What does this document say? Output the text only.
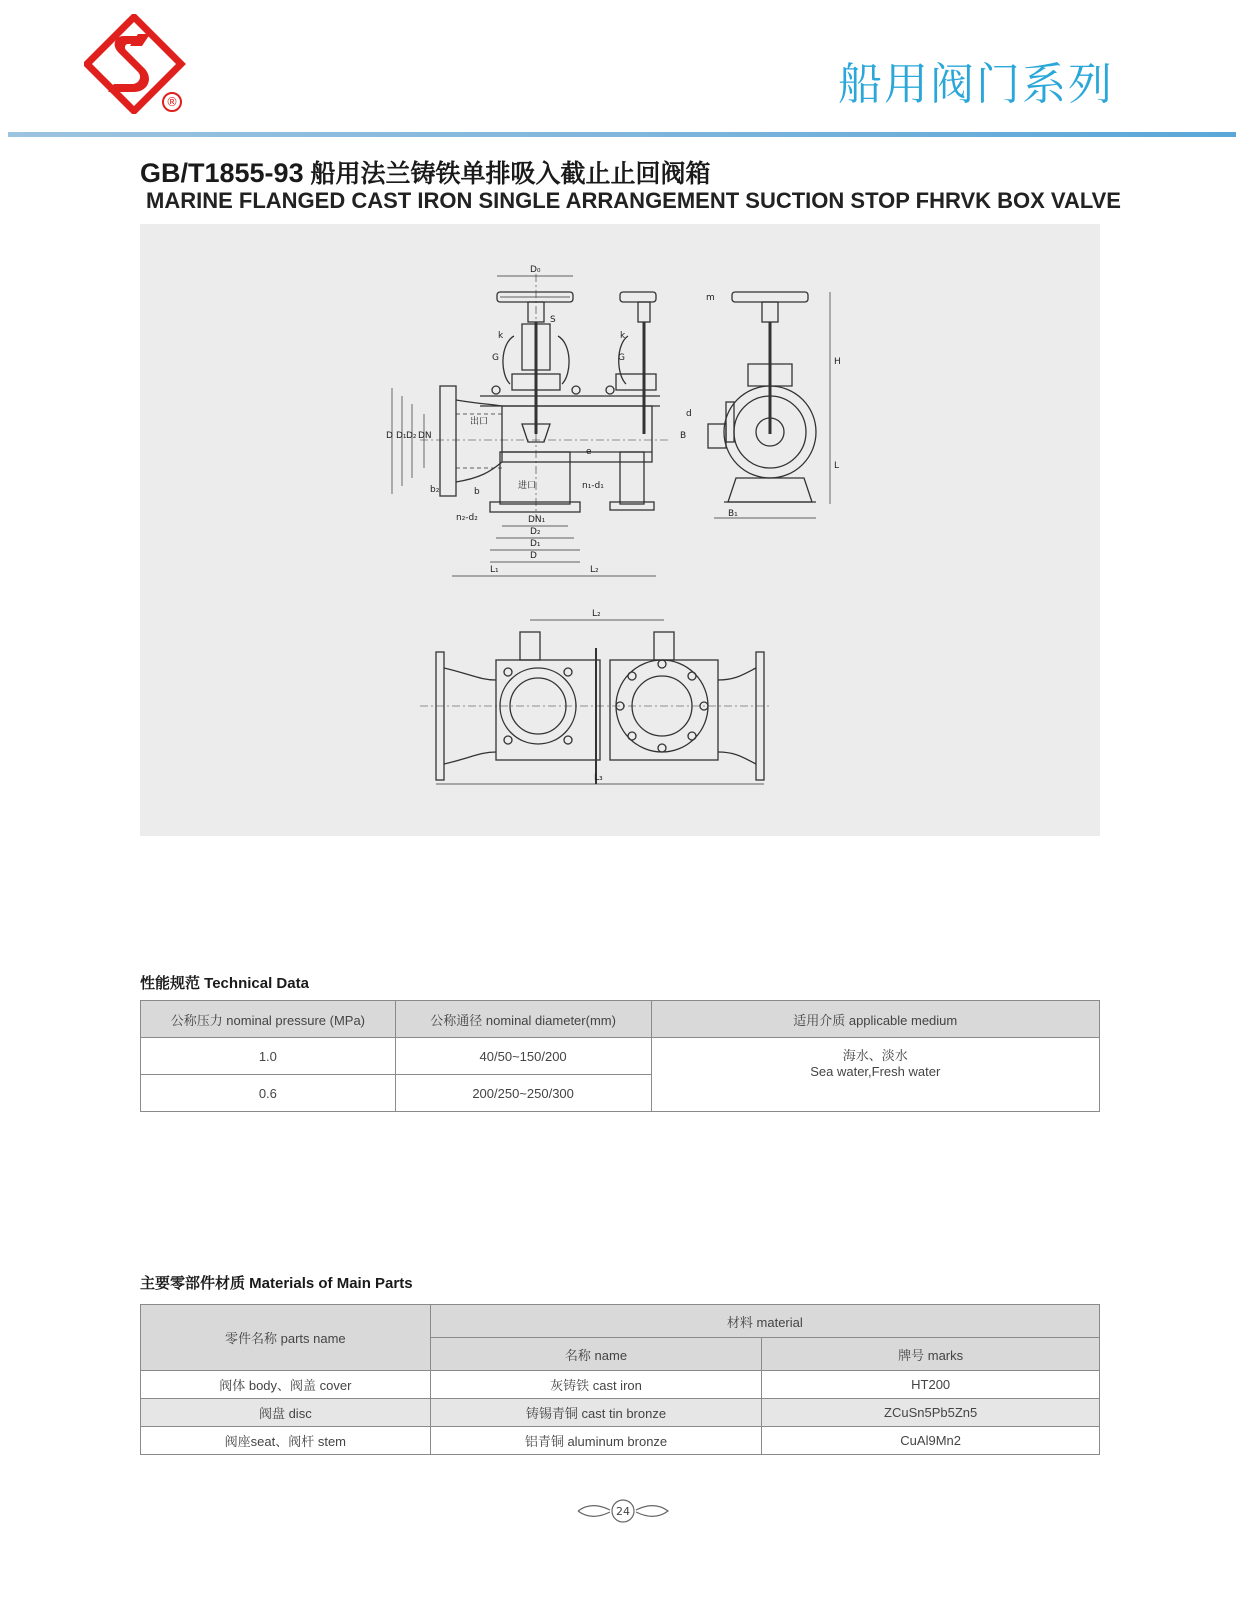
®	船用阀门系列
GB/T1855-93 船用法兰铸铁单排吸入截止止回阀箱
MARINE FLANGED CAST IRON SINGLE ARRANGEMENT SUCTION STOP FHRVK BOX VALVE
D₀
S
k
G
k
G
出口
进口
D D₁ D₂ DN
b₂	b
n₁-d₁
n₂-d₂	DN₁
D₂
D₁
D
L₁	L₂
e
H
L
m
d
B
B₁
L₂
L₃
性能规范 Technical Data
公称压力 nominal pressure (MPa)	公称通径 nominal diameter(mm)	适用介质 applicable medium
1.0	40/50~150/200	海水、淡水
Sea water,Fresh water

0.6	200/250~250/300	
主要零部件材质 Materials of Main Parts
零件名称 parts name	材料 material	
	名称 name	牌号 marks
阀体 body、阀盖 cover	灰铸铁 cast iron	HT200
阀盘 disc	铸锡青铜 cast tin bronze	ZCuSn5Pb5Zn5
阀座seat、阀杆 stem	铝青铜 aluminum bronze	CuAl9Mn2
24
